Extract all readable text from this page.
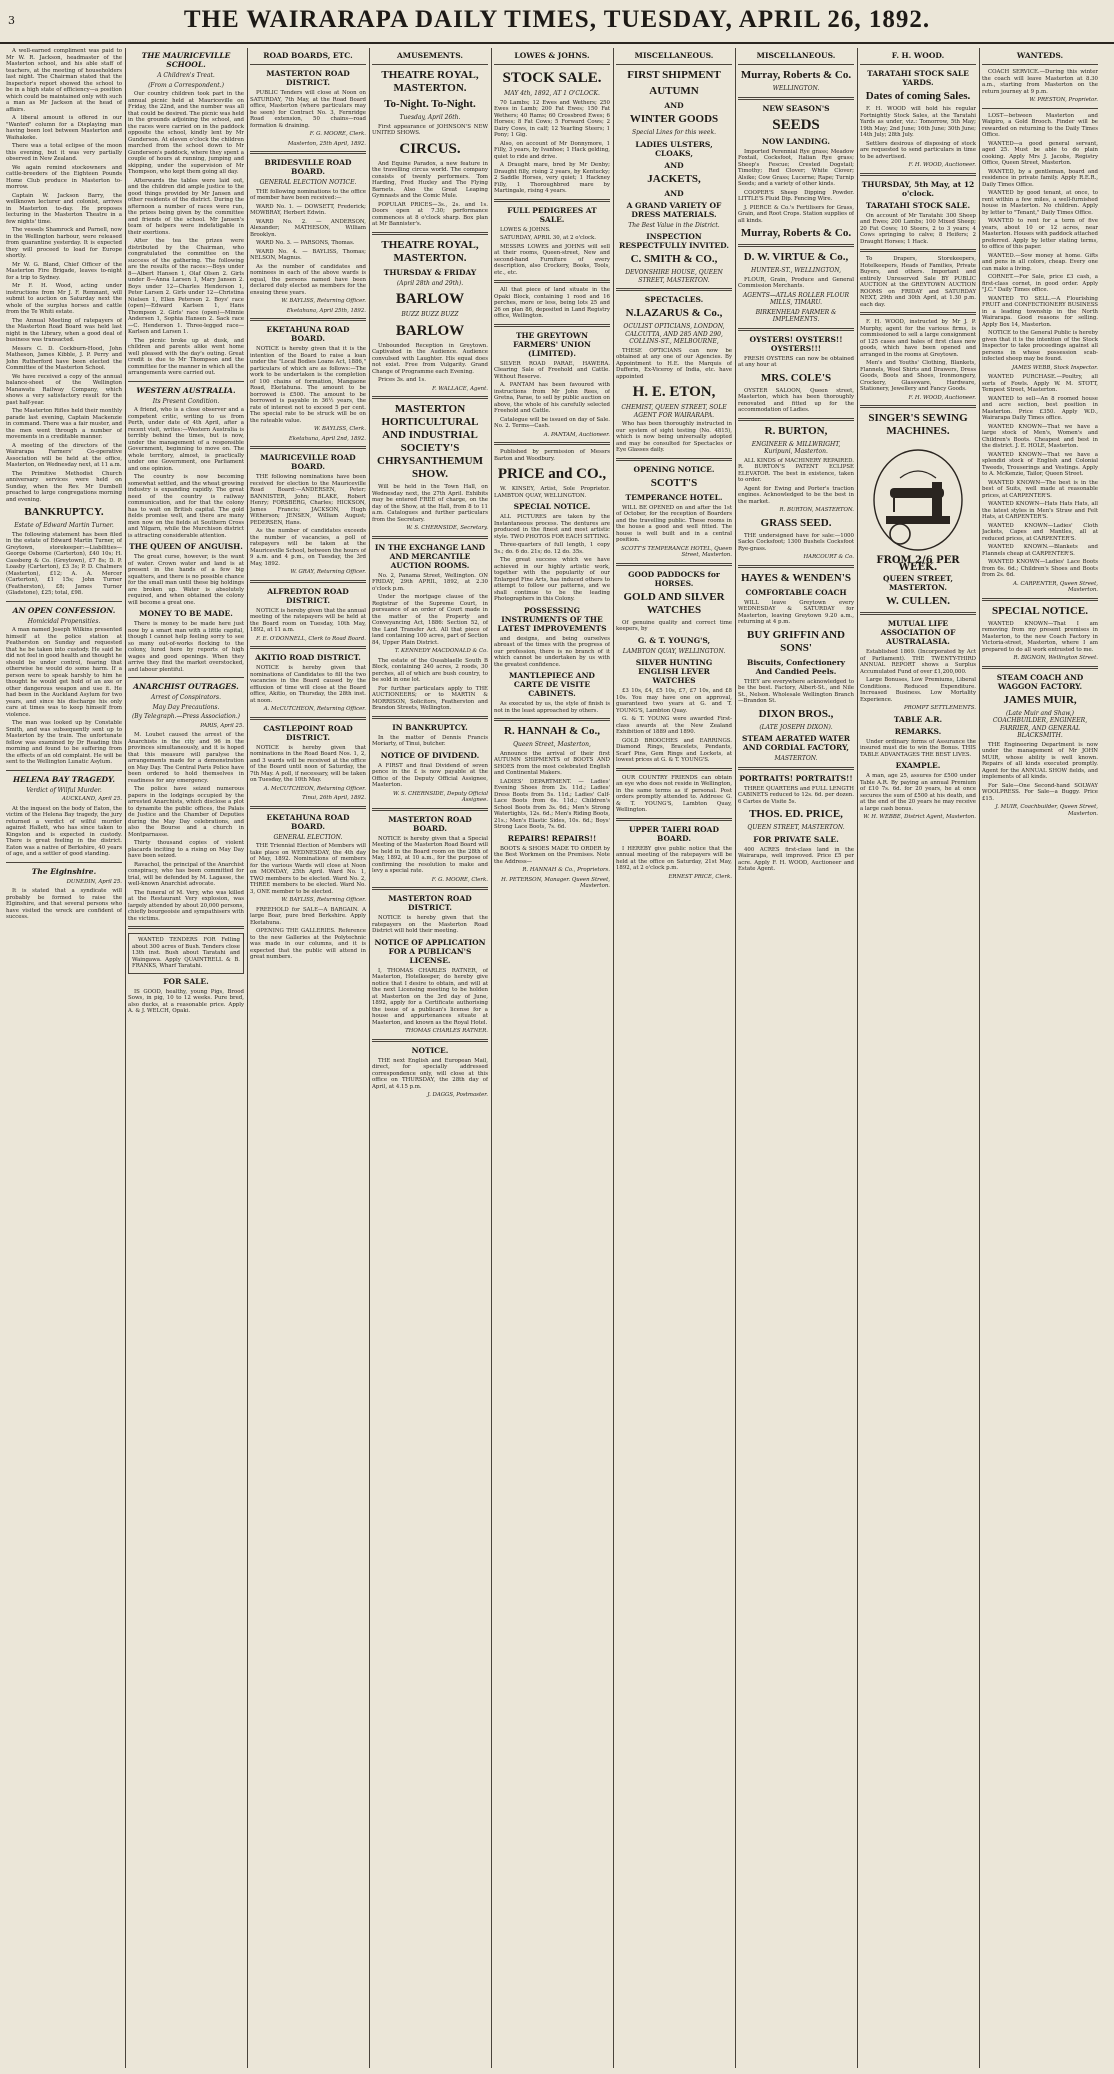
3	THE WAIRARAPA DAILY TIMES, TUESDAY, APRIL 26, 1892.
A well-earned compliment was paid to Mr W. R. Jackson, headmaster of the Masterton school, and his able staff of teachers, at the meeting of householders last night. The Chairman stated that the Inspector's report showed the school to be in a high state of efficiency—a position which could be maintained only with such a man as Mr Jackson at the head of affairs.
A liberal amount is offered in our "Wanted" column for a Displaying man having been lost between Masterton and Waihakeke.
There was a total eclipse of the moon this evening, but it was very partially observed in New Zealand.
We again remind stockowners and cattle-breeders of the Eighteen Pounds Home Club produce in Masterton to-morrow.
Captain W. Jackson Barry, the wellknown lecturer and colonist, arrives in Masterton to-day. He proposes lecturing in the Masterton Theatre in a few nights' time.
The vessels Shamrock and Parnell, now in the Wellington harbour, were released from quarantine yesterday. It is expected they will proceed to load for Europe shortly.
Mr W. G. Bland, Chief Officer of the Masterton Fire Brigade, leaves to-night for a trip to Sydney.
Mr F. H. Wood, acting under instructions from Mr J. F. Remnant, will submit to auction on Saturday next the whole of the surplus horses and cattle from the Te Whiti estate.
The Annual Meeting of ratepayers of the Masterton Road Board was held last night in the Library, when a good deal of business was transacted.
Messrs C. D. Cockburn-Hood, John Matheson, James Kibble, J. P. Perry and John Rutherford have been elected the Committee of the Masterton School.
We have received a copy of the annual balance-sheet of the Wellington Manawatu Railway Company, which shows a very satisfactory result for the past half-year.
The Masterton Rifles held their monthly parade last evening, Captain Mackenzie in command. There was a fair muster, and the men went through a number of movements in a creditable manner.
A meeting of the directors of the Wairarapa Farmers' Co-operative Association will be held at the office, Masterton, on Wednesday next, at 11 a.m.
The Primitive Methodist Church anniversary services were held on Sunday, when the Rev. Mr Dumbell preached to large congregations morning and evening.
BANKRUPTCY.
Estate of Edward Martin Turner.
The following statement has been filed in the estate of Edward Martin Turner, of Greytown, storekeeper:—Liabilities—George Osborne (Carterton), £40 10s; H. Cassberg & Co. (Greytown), £7 8s; D. P. Loasby (Carterton), £3 3s; P. D. Chalmers (Masterton), £12; A. A. Mercer (Carterton), £1 15s; John Turner (Featherston), £8; James Turner (Gladstone), £25; total, £98.
AN OPEN CONFESSION.
Homicidal Propensities.
A man named Joseph Wilkins presented himself at the police station at Featherston on Sunday and requested that he be taken into custody. He said he did not feel in good health and thought he should be under control, fearing that otherwise he would do some harm. If a person were to speak harshly to him he thought he would get hold of an axe or other dangerous weapon and use it. He had been in the Auckland Asylum for two years, and since his discharge his only care at times was to keep himself from violence.
The man was looked up by Constable Smith, and was subsequently sent up to Masterton by the train. The unfortunate fellow was examined by Dr Reading this morning and found to be suffering from the effects of an old complaint. He will be sent to the Wellington Lunatic Asylum.
HELENA BAY TRAGEDY.
Verdict of Wilful Murder.
AUCKLAND, April 25.
At the inquest on the body of Eaton, the victim of the Helena Bay tragedy, the jury returned a verdict of wilful murder against Hallett, who has since taken to Kingston and is expected in custody. There is great feeling in the district. Eaton was a native of Berkshire, 40 years of age, and a settler of good standing.
The Eiginshire.
DUNEDIN, April 25.
It is stated that a syndicate will probably be formed to raise the Elginshire, and that several persons who have visited the wreck are confident of success.
THE MAURICEVILLE SCHOOL.
A Children's Treat.
(From a Correspondent.)
Our country children took part in the annual picnic held at Mauriceville on Friday, the 22nd, and the number was all that could be desired. The picnic was held in the grounds adjoining the school, and the races were carried on in the paddock opposite the school, kindly lent by Mr Gunderson. At eleven o'clock the children marched from the school down to Mr Gunderson's paddock, where they spent a couple of hours at running, jumping and skipping, under the supervision of Mr Thompson, who kept them going all day.
Afterwards the tables were laid out, and the children did ample justice to the good things provided by Mr Jansen and other residents of the district. During the afternoon a number of races were run, the prizes being given by the committee and friends of the school. Mr Jansen's team of helpers were indefatigable in their exertions.
After the tea the prizes were distributed by the Chairman, who congratulated the committee on the success of the gathering. The following are the results of the races:—Boys under 8—Albert Hansen 1, Olaf Olsen 2. Girls under 8—Anna Larsen 1, Mary Jansen 2. Boys under 12—Charles Henderson 1, Peter Larsen 2. Girls under 12—Christina Nielsen 1, Ellen Peterson 2. Boys' race (open)—Edward Karlsen 1, Hans Thompson 2. Girls' race (open)—Minnie Andersen 1, Sophia Hansen 2. Sack race—C. Henderson 1. Three-legged race—Karlsen and Larsen 1.
The picnic broke up at dusk, and children and parents alike went home well pleased with the day's outing. Great credit is due to Mr Thompson and the committee for the manner in which all the arrangements were carried out.
WESTERN AUSTRALIA.
Its Present Condition.
A friend, who is a close observer and a competent critic, writing to us from Perth, under date of 4th April, after a recent visit, writes:—Western Australia is terribly behind the times, but is now, under the management of a responsible Government, beginning to move on. The whole territory, almost, is practically under one Government, one Parliament and one opinion.
The country is now becoming somewhat settled, and the wheat growing industry is expanding rapidly. The great need of the country is railway communication, and for that the colony has to wait on British capital. The gold fields promise well, and there are many men now on the fields at Southern Cross and Yilgarn, while the Murchison district is attracting considerable attention.
THE QUEEN OF ANGUISH.
The great curse, however, is the want of water. Crown water and land is at present in the hands of a few big squatters, and there is no possible chance for the small man until these big holdings are broken up. Water is absolutely required, and when obtained the colony will become a great one.
MONEY TO BE MADE.
There is money to be made here just now by a smart man with a little capital, though I cannot help feeling sorry to see so many out-of-works flocking to the colony, lured here by reports of high wages and good openings. When they arrive they find the market overstocked, and labour plentiful.
ANARCHIST OUTRAGES.
Arrest of Conspirators.
May Day Precautions.
(By Telegraph.—Press Association.)
PARIS, April 25.
M. Loubet caused the arrest of the Anarchists in the city and 96 in the provinces simultaneously, and it is hoped that this measure will paralyse the arrangements made for a demonstration on May Day. The Central Paris Police have been ordered to hold themselves in readiness for any emergency.
The police have seized numerous papers in the lodgings occupied by the arrested Anarchists, which disclose a plot to dynamite the public offices, the Palais de Justice and the Chamber of Deputies during the May Day celebrations, and also the Bourse and a church in Montparnasse.
Thirty thousand copies of violent placards inciting to a rising on May Day have been seized.
Ravachol, the principal of the Anarchist conspiracy, who has been committed for trial, will be defended by M. Lagasse, the well-known Anarchist advocate.
The funeral of M. Very, who was killed at the Restaurant Very explosion, was largely attended by about 20,000 persons, chiefly bourgeoisie and sympathisers with the victims.
WANTED TENDERS FOR Felling about 300 acres of Bush. Tenders close 13th inst. Bush about Taratahi and Waingawa. Apply QUAINTRELL & B. FRANKS, Wharf Taratahi.
FOR SALE.
IS GOOD, healthy, young Pigs, Brood Sows, in pig, 10 to 12 weeks. Pure bred, also ducks, at a reasonable price. Apply A. & J. WELCH, Opaki.
ROAD BOARDS, ETC.
MASTERTON ROAD DISTRICT.
PUBLIC Tenders will close at Noon on SATURDAY, 7th May, at the Road Board office, Masterton (where particulars may be seen) for Contract No. 3, Fernridge Road extension, 50 chains—road formation & draining.
F. G. MOORE, Clerk.
Masterton, 25th April, 1892.
BRIDESVILLE ROAD BOARD.
GENERAL ELECTION NOTICE.
THE following nominations to the office of member have been received:—
WARD No. 1. — DOWSETT, Frederick; MOWBRAY, Herbert Edwin.
WARD No. 2. — ANDERSON, Alexander; MATHESON, William Brooklyn.
WARD No. 3. — PARSONS, Thomas.
WARD No. 4. — BAYLISS, Thomas; NELSON, Magnus.
As the number of candidates and nominees in each of the above wards is equal, the persons named have been declared duly elected as members for the ensuing three years.
W. BAYLISS, Returning Officer.
Eketahuna, April 25th, 1892.
EKETAHUNA ROAD BOARD.
NOTICE is hereby given that it is the intention of the Board to raise a loan under the "Local Bodies Loans Act, 1886," particulars of which are as follows:—The work to be undertaken is the completion of 100 chains of formation, Mangaone Road, Eketahuna. The amount to be borrowed is £500. The amount to be borrowed is payable in 36½ years, the rate of interest not to exceed 5 per cent. The special rate to be struck will be on the rateable value.
W. BAYLISS, Clerk.
Eketahuna, April 2nd, 1892.
MAURICEVILLE ROAD BOARD.
THE following nominations have been received for election to the Mauriceville Road Board:—ANDERSEN, Peter; BANNISTER, John; BLAKE, Robert Henry; FORSBERG, Charles; HICKSON, James Francis; JACKSON, Hugh Witherson; JENSEN, William August; PEDERSEN, Hans.
As the number of candidates exceeds the number of vacancies, a poll of ratepayers will be taken at the Mauriceville School, between the hours of 9 a.m. and 4 p.m., on Tuesday, the 3rd May, 1892.
W. GRAY, Returning Officer.
ALFREDTON ROAD DISTRICT.
NOTICE is hereby given that the annual meeting of the ratepayers will be held at the Board room on Tuesday, 10th May, 1892, at 11 a.m.
F. E. O'DONNELL, Clerk to Road Board.
AKITIO ROAD DISTRICT.
NOTICE is hereby given that nominations of Candidates to fill the two vacancies in the Board caused by the effluxion of time will close at the Board office, Akitio, on Thursday, the 28th inst. at noon.
A. McCUTCHEON, Returning Officer.
CASTLEPOINT ROAD DISTRICT.
NOTICE is hereby given that nominations in the Road Board Nos. 1, 2, and 3 wards will be received at the office of the Board until noon of Saturday, the 7th May. A poll, if necessary, will be taken on Tuesday, the 10th May.
A. McCUTCHEON, Returning Officer.
Tinui, 26th April, 1892.
EKETAHUNA ROAD BOARD.
GENERAL ELECTION.
THE Triennial Election of Members will take place on WEDNESDAY, the 4th day of May, 1892. Nominations of members for the various Wards will close at Noon on MONDAY, 25th April. Ward No. 1, TWO members to be elected. Ward No. 2, THREE members to be elected. Ward No. 3, ONE member to be elected.
W. BAYLISS, Returning Officer.
FREEHOLD for SALE—A BARGAIN. A large Boar, pure bred Berkshire. Apply Eketahuna.
OPENING THE GALLERIES. Reference to the new Galleries at the Polytechnic was made in our columns, and it is expected that the public will attend in great numbers.
AMUSEMENTS.
THEATRE ROYAL, MASTERTON.
To-Night. To-Night.
Tuesday, April 26th.
First appearance of JOHNSON'S NEW UNITED SHOWS.
CIRCUS.
And Equine Paradox, a new feature in the travelling circus world. The company consists of twenty performers. Tom Harding, Fred Huxley and The Flying Barnets. Also the Great Leaping Gymnasts and the Comic Mule.
POPULAR PRICES—3s., 2s. and 1s. Doors open at 7.30; performance commences at 8 o'clock sharp. Box plan at Mr Bannister's.
THEATRE ROYAL, MASTERTON.
THURSDAY & FRIDAY
(April 28th and 29th).
BARLOW
BUZZ BUZZ BUZZ
BARLOW
Unbounded Reception in Greytown. Captivated in the Audience. Audience convulsed with Laughter. His equal does not exist. Free from Vulgarity. Grand Change of Programme each Evening.
Prices 3s. and 1s.
F. WALLACE, Agent.
MASTERTON HORTICULTURAL AND INDUSTRIAL SOCIETY'S CHRYSANTHEMUM SHOW.
Will be held in the Town Hall, on Wednesday next, the 27th April. Exhibits may be entered FREE of charge, on the day of the Show, at the Hall, from 8 to 11 a.m. Catalogues and further particulars from the Secretary.
W. S. CHERNSIDE, Secretary.
IN THE EXCHANGE LAND AND MERCANTILE AUCTION ROOMS.
No. 2, Panama Street, Wellington. ON FRIDAY, 29th APRIL, 1892, at 2.30 o'clock p.m.
Under the mortgage clause of the Registrar of the Supreme Court, in pursuance of an order of Court made in the matter of the Property and Conveyancing Act, 1886: Section 52, of the Land Transfer Act. All that piece of land containing 100 acres, part of Section 84, Upper Plain District.
T. KENNEDY MACDONALD & Co.
The estate of the Ousablaelle South B Block, containing 240 acres, 2 roods, 30 perches, all of which are bush country, to be sold in one lot.
For further particulars apply to THE AUCTIONEERS; or to MARTIN & MORRISON, Solicitors, Featherston and Brandon Streets, Wellington.
IN BANKRUPTCY.
In the matter of Dennis Francis Moriarty, of Tinui, butcher.
NOTICE OF DIVIDEND.
A FIRST and final Dividend of seven pence in the £ is now payable at the Office of the Deputy Official Assignee, Masterton.
W. S. CHERNSIDE, Deputy Official Assignee.
MASTERTON ROAD BOARD.
NOTICE is hereby given that a Special Meeting of the Masterton Road Board will be held in the Board room on the 28th of May, 1892, at 10 a.m., for the purpose of confirming the resolution to make and levy a special rate.
F. G. MOORE, Clerk.
MASTERTON ROAD DISTRICT.
NOTICE is hereby given that the ratepayers on the Masterton Road District will hold their meeting.
NOTICE OF APPLICATION FOR A PUBLICAN'S LICENSE.
I, THOMAS CHARLES RATNER, of Masterton, Hotelkeeper, do hereby give notice that I desire to obtain, and will at the next Licensing meeting to be holden at Masterton on the 3rd day of June, 1892, apply for a Certificate authorising the issue of a publican's license for a house and appurtenances situate at Masterton, and known as the Royal Hotel.
THOMAS CHARLES RATNER.
NOTICE.
THE next English and European Mail, direct, for specially addressed correspondence only, will close at this office on THURSDAY, the 28th day of April, at 4.15 p.m.
J. DAGGS, Postmaster.
LOWES & JOHNS.
STOCK SALE.
MAY 4th, 1892, AT 1 O'CLOCK.
70 Lambs; 12 Ewes and Wethers; 250 Ewes in Lamb; 200 Fat Ewes; 150 Fat Wethers; 40 Rams; 60 Crossbred Ewes; 6 Horses; 8 Fat Cows; 5 Forward Cows; 2 Dairy Cows, in calf; 12 Yearling Steers; 1 Pony; 1 Gig.
Also, on account of Mr Donnymore, 1 Filly, 3 years, by Ivanhoe; 1 Hack gelding, quiet to ride and drive.
A Draught mare, bred by Mr Denby; Draught filly, rising 2 years, by Kentucky; 2 Saddle Horses, very quiet; 1 Hackney Filly, 1 Thoroughbred mare by Martingale, rising 4 years.
FULL PEDIGREES AT SALE.
LOWES & JOHNS.
SATURDAY, APRIL 30, at 2 o'clock.
MESSRS LOWES and JOHNS will sell at their rooms, Queen-street, New and second-hand Furniture of every description, also Crockery, Books, Tools, etc., etc.
All that piece of land situate in the Opaki Block, containing 1 rood and 16 perches, more or less, being lots 25 and 26 on plan 86, deposited in Land Registry office, Wellington.
THE GREYTOWN FARMERS' UNION (LIMITED).
SILVER ROAD PARAE, HAWERA. Clearing Sale of Freehold and Cattle. Without Reserve.
A. PANTAM has been favoured with instructions from Mr John Rees, of Gretna, Parae, to sell by public auction on above, the whole of his carefully selected Freehold and Cattle.
Catalogue will be issued on day of Sale. No. 2. Terms—Cash.
A. PANTAM, Auctioneer.
Published by permission of Messrs Barton and Woodbury.
PRICE and CO.,
W. KINSEY, Artist, Sole Proprietor. LAMBTON QUAY, WELLINGTON.
SPECIAL NOTICE.
ALL PICTURES are taken by the Instantaneous process. The dentures are produced in the finest and most artistic style. TWO PHOTOS FOR EACH SITTING.
Three-quarters of full length, 1 copy 5s.; do. 6 do. 21s; do. 12 do. 35s.
The great success which we have achieved in our highly artistic work, together with the popularity of our Enlarged Fine Arts, has induced others to attempt to follow our patterns, and we shall continue to be the leading Photographers in this Colony.
POSSESSING INSTRUMENTS OF THE LATEST IMPROVEMENTS
and designs, and being ourselves abreast of the times with the progress of our profession, there is no branch of it which cannot be undertaken by us with the greatest confidence.
MANTLEPIECE AND CARTE DE VISITE CABINETS.
As executed by us, the style of finish is not in the least approached by others.
R. HANNAH & Co.,
Queen Street, Masterton,
Announce the arrival of their first AUTUMN SHIPMENTS of BOOTS AND SHOES from the most celebrated English and Continental Makers.
LADIES' DEPARTMENT. — Ladies' Evening Shoes from 2s. 11d.; Ladies' Dress Boots from 5s. 11d.; Ladies' Calf-Lace Boots from 6s. 11d.; Children's School Boots from 3s. 6d.; Men's Strong Watertights, 12s. 6d.; Men's Riding Boots, 21s.; Men's Elastic Sides, 10s. 6d.; Boys' Strong Lace Boots, 7s. 6d.
REPAIRS! REPAIRS!!
BOOTS & SHOES MADE TO ORDER by the Best Workmen on the Premises. Note the Address—
R. HANNAH & Co., Proprietors.
H. PETERSON, Manager. Queen Street, Masterton.
MISCELLANEOUS.
FIRST SHIPMENT
AUTUMN
AND
WINTER GOODS
Special Lines for this week.
LADIES ULSTERS, CLOAKS,
AND
JACKETS,
AND
A GRAND VARIETY OF DRESS MATERIALS.
The Best Value in the District.
INSPECTION RESPECTFULLY INVITED.
C. SMITH & CO.,
DEVONSHIRE HOUSE, QUEEN STREET, MASTERTON.
SPECTACLES.
N.LAZARUS & Co.,
OCULIST OPTICIANS, LONDON, CALCUTTA, AND 285 AND 290, COLLINS-ST., MELBOURNE,
THESE OPTICIANS can now be obtained at any one of our Agencies. By Appointment to H.E. the Marquis of Dufferin, Ex-Viceroy of India, etc. have appointed
H. E. ETON,
CHEMIST, QUEEN STREET, SOLE AGENT FOR WAIRARAPA.
Who has been thoroughly instructed in our system of sight testing (No. 4815), which is now being universally adopted and may be consulted for Spectacles or Eye Glasses daily.
OPENING NOTICE.
SCOTT'S
TEMPERANCE HOTEL.
WILL BE OPENED on and after the 1st of October, for the reception of Boarders and the travelling public. These rooms in the house a good and well fitted. The house is well built and in a central position.
SCOTT'S TEMPERANCE HOTEL, Queen Street, Masterton.
GOOD PADDOCKS for HORSES.
GOLD AND SILVER WATCHES
Of genuine quality and correct time keepers, by
G. & T. YOUNG'S,
LAMBTON QUAY, WELLINGTON.
SILVER HUNTING ENGLISH LEVER WATCHES
£3 10s, £4, £5 10s, £7, £7 10s, and £8 10s. You may have one on approval, guaranteed two years at G. and T. YOUNG'S, Lambton Quay.
G. & T. YOUNG were awarded First-class awards at the New Zealand Exhibition of 1889 and 1890.
GOLD BROOCHES and EARRINGS. Diamond Rings, Bracelets, Pendants, Scarf Pins, Gem Rings and Lockets, at lowest prices at G. & T. YOUNG'S.
OUR COUNTRY FRIENDS can obtain an eye who does not reside in Wellington, in the same terms as if personal. Post orders promptly attended to. Address: G. & T. YOUNG'S, Lambton Quay, Wellington.
UPPER TAIERI ROAD BOARD.
I HEREBY give public notice that the annual meeting of the ratepayers will be held at the office on Saturday, 21st May, 1892, at 2 o'clock p.m.
ERNEST PRICE, Clerk.
MISCELLANEOUS.
Murray, Roberts & Co.
WELLINGTON.
NEW SEASON'S
SEEDS
NOW LANDING.
Imported Perennial Rye grass; Meadow Foxtail, Cocksfoot, Italian Rye grass; Sheep's Fescue; Crested Dogstail; Timothy; Red Clover; White Clover; Alsike; Cow Grass; Lucerne; Rape; Turnip Seeds; and a variety of other kinds.
COOPER'S Sheep Dipping Powder. LITTLE'S Fluid Dip. Fencing Wire.
J. PIERCE & Co.'s Fertilisers for Grass, Grain, and Root Crops. Station supplies of all kinds.
Murray, Roberts & Co.
D. W. VIRTUE & Co.,
HUNTER-ST., WELLINGTON,
FLOUR, Grain, Produce and General Commission Merchants.
AGENTS—ATLAS ROLLER FLOUR MILLS, TIMARU.
BIRKENHEAD FARMER & IMPLEMENTS.
OYSTERS! OYSTERS!! OYSTERS!!!
FRESH OYSTERS can now be obtained at any hour at
MRS. COLE'S
OYSTER SALOON, Queen street, Masterton, which has been thoroughly renovated and fitted up for the accommodation of Ladies.
R. BURTON,
ENGINEER & MILLWRIGHT, Kuripuni, Masterton.
ALL KINDS of MACHINERY REPAIRED. R. BURTON'S PATENT ECLIPSE ELEVATOR. The best in existence, taken to order.
Agent for Ewing and Porter's traction engines. Acknowledged to be the best in the market.
R. BURTON, MASTERTON.
GRASS SEED.
THE undersigned have for sale:—1000 Sacks Cocksfoot; 1300 Bushels Cocksfoot Rye-grass.
HARCOURT & Co.
HAYES & WENDEN'S
COMFORTABLE COACH
WILL leave Greytown every WEDNESDAY & SATURDAY for Masterton, leaving Greytown 9.20 a.m., returning at 4 p.m.
BUY GRIFFIN AND SONS'
Biscuits, Confectionery And Candied Peels.
THEY are everywhere acknowledged to be the best. Factory, Albert-St., and Nile St., Nelson. Wholesale Wellington Branch—Brandon St.
DIXON BROS.,
(LATE JOSEPH DIXON).
STEAM AERATED WATER AND CORDIAL FACTORY,
MASTERTON.
PORTRAITS! PORTRAITS!!
THREE QUARTERS and FULL LENGTH CABINETS reduced to 12s. 6d. per dozen. 6 Cartes de Visite 5s.
THOS. ED. PRICE,
QUEEN STREET, MASTERTON.
FOR PRIVATE SALE.
400 ACRES first-class land in the Wairarapa, well improved. Price £5 per acre. Apply F. H. WOOD, Auctioneer and Estate Agent.
F. H. WOOD.
TARATAHI STOCK SALE YARDS.
Dates of coming Sales.
F. H. WOOD will hold his regular Fortnightly Stock Sales, at the Taratahi Yards as under, viz.: Tomorrow, 5th May; 19th May; 2nd June; 16th June; 30th June; 14th July; 28th July.
Settlers desirous of disposing of stock are requested to send particulars in time to be advertised.
F. H. WOOD, Auctioneer.
THURSDAY, 5th May, at 12 o'clock.
TARATAHI STOCK SALE.
On account of Mr Taratahi: 300 Sheep and Ewes; 200 Lambs; 100 Mixed Sheep; 20 Fat Cows; 10 Steers, 2 to 3 years; 4 Cows springing to calve; 8 Heifers; 2 Draught Horses; 1 Hack.
To Drapers, Storekeepers, Hotelkeepers, Heads of Families, Private Buyers, and others. Important and entirely Unreserved Sale BY PUBLIC AUCTION at the GREYTOWN AUCTION ROOMS on FRIDAY and SATURDAY NEXT, 29th and 30th April, at 1.30 p.m. each day.
F. H. WOOD, instructed by Mr J. P. Murphy, agent for the various firms, is commissioned to sell a large consignment of 125 cases and bales of first class new goods, which have been opened and arranged in the rooms at Greytown.
Men's and Youths' Clothing, Blankets, Flannels, Wool Shirts and Drawers, Dress Goods, Boots and Shoes, Ironmongery, Crockery, Glassware, Hardware, Stationery, Jewellery and Fancy Goods.
F. H. WOOD, Auctioneer.
SINGER'S SEWING MACHINES.
FROM 2/6 PER WEEK.
QUEEN STREET, MASTERTON.
W. CULLEN.
MUTUAL LIFE ASSOCIATION OF AUSTRALASIA.
Established 1869. (Incorporated by Act of Parliament). THE TWENTY-THIRD ANNUAL REPORT shows a Surplus Accumulated Fund of over £1,200,000.
Large Bonuses, Low Premiums, Liberal Conditions. Reduced Expenditure. Increased Business. Low Mortality Experience.
PROMPT SETTLEMENTS.
TABLE A.R.
REMARKS.
Under ordinary forms of Assurance the insured must die to win the Bonus. THIS TABLE ADVANTAGES THE BEST LIVES.
EXAMPLE.
A man, age 25, assures for £500 under Table A.R. By paying an annual Premium of £10 7s. 6d. for 20 years, he at once secures the sum of £500 at his death, and at the end of the 20 years he may receive a large cash bonus.
W. H. WEBBE, District Agent, Masterton.
WANTEDS.
COACH SERVICE.—During this winter the coach will leave Masterton at 8.30 a.m., starting from Masterton on the return journey at 9 p.m.
W. PRESTON, Proprietor.
LOST—between Masterton and Waipiro, a Gold Brooch. Finder will be rewarded on returning to the Daily Times Office.
WANTED—a good general servant, aged 25. Must be able to do plain cooking. Apply Mrs J. Jacobs, Registry Office, Queen Street, Masterton.
WANTED, by a gentleman, board and residence in private family. Apply R.E.R., Daily Times Office.
WANTED by good tenant, at once, to rent within a few miles, a well-furnished house in Masterton. No children. Apply by letter to "Tenant," Daily Times Office.
WANTED to rent for a term of five years, about 10 or 12 acres, near Masterton. Houses with paddock attached preferred. Apply by letter stating terms, to office of this paper.
WANTED.—Sow money at home. Gifts and pens in all colors, cheap. Every one can make a living.
CORNET.—For Sale, price £3 cash, a first-class cornet, in good order. Apply "J.C." Daily Times office.
WANTED TO SELL.—A Flourishing FRUIT and CONFECTIONERY BUSINESS in a leading township in the North Wairarapa. Good reasons for selling. Apply Box 14, Masterton.
NOTICE to the General Public is hereby given that it is the intention of the Stock Inspector to take proceedings against all persons in whose possession scab-infected sheep may be found.
JAMES WEBB, Stock Inspector.
WANTED PURCHASE.—Poultry, all sorts of Fowls. Apply W. M. STOTT, Tempest Street, Masterton.
WANTED to sell—An 8 roomed house and acre section, best position in Masterton. Price £350. Apply W.D., Wairarapa Daily Times office.
WANTED KNOWN—That we have a large stock of Men's, Women's and Children's Boots. Cheapest and best in the district. J. E. HOLE, Masterton.
WANTED KNOWN—That we have a splendid stock of English and Colonial Tweeds, Trouserings and Vestings. Apply to A. McKenzie, Tailor, Queen Street.
WANTED KNOWN—The best is in the best of Suits, well made at reasonable prices, at CARPENTER'S.
WANTED KNOWN—Hats Hats Hats, all the latest styles in Men's Straw and Felt Hats, at CARPENTER'S.
WANTED KNOWN—Ladies' Cloth Jackets, Capes and Mantles, all at reduced prices, at CARPENTER'S.
WANTED KNOWN.—Blankets and Flannels cheap at CARPENTER'S.
WANTED KNOWN—Ladies' Lace Boots from 6s. 6d.; Children's Shoes and Boots from 2s. 6d.
A. CARPENTER, Queen Street, Masterton.
SPECIAL NOTICE.
WANTED KNOWN—That I am removing from my present premises in Masterton, to the new Coach Factory in Victoria-street, Masterton, where I am prepared to do all work entrusted to me.
R. BIGNON, Wellington Street.
STEAM COACH AND WAGGON FACTORY.
JAMES MUIR,
(Late Muir and Shaw,) COACHBUILDER, ENGINEER, FARRIER, AND GENERAL BLACKSMITH.
THE Engineering Department is now under the management of Mr JOHN MUIR, whose ability is well known. Repairs of all kinds executed promptly. Agent for the ANNUAL SHOW fields, and implements of all kinds.
For Sale—One Second-hand SOLWAY WOOLPRESS. For Sale—a Buggy. Price £15.
J. MUIR, Coachbuilder, Queen Street, Masterton.
